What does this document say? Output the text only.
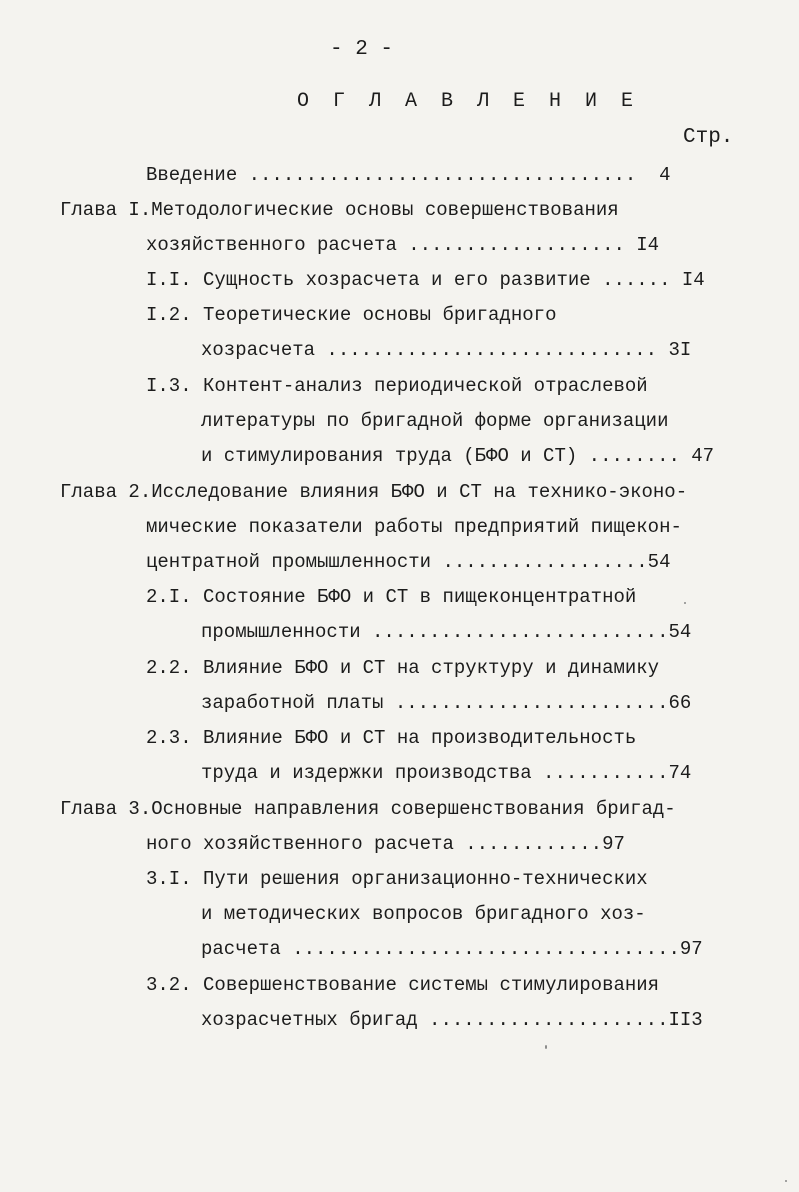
- 2 -
О Г Л А В Л Е Н И Е
Стр.
Введение ..................................  4
Глава I.Методологические основы совершенствования
хозяйственного расчета ................... I4
I.I. Сущность хозрасчета и его развитие ...... I4
I.2. Теоретические основы бригадного
хозрасчета ............................. 3I
I.3. Контент-анализ периодической отраслевой
литературы по бригадной форме организации
и стимулирования труда (БФО и СТ) ........ 47
Глава 2.Исследование влияния БФО и СТ на технико-эконо-
мические показатели работы предприятий пищекон-
центратной промышленности ..................54
2.I. Состояние БФО и СТ в пищеконцентратной
промышленности ..........................54
2.2. Влияние БФО и СТ на структуру и динамику
заработной платы ........................66
2.3. Влияние БФО и СТ на производительность
труда и издержки производства ...........74
Глава 3.Основные направления совершенствования бригад-
ного хозяйственного расчета ............97
3.I. Пути решения организационно-технических
и методических вопросов бригадного хоз-
расчета ..................................97
3.2. Совершенствование системы стимулирования
хозрасчетных бригад .....................II3
